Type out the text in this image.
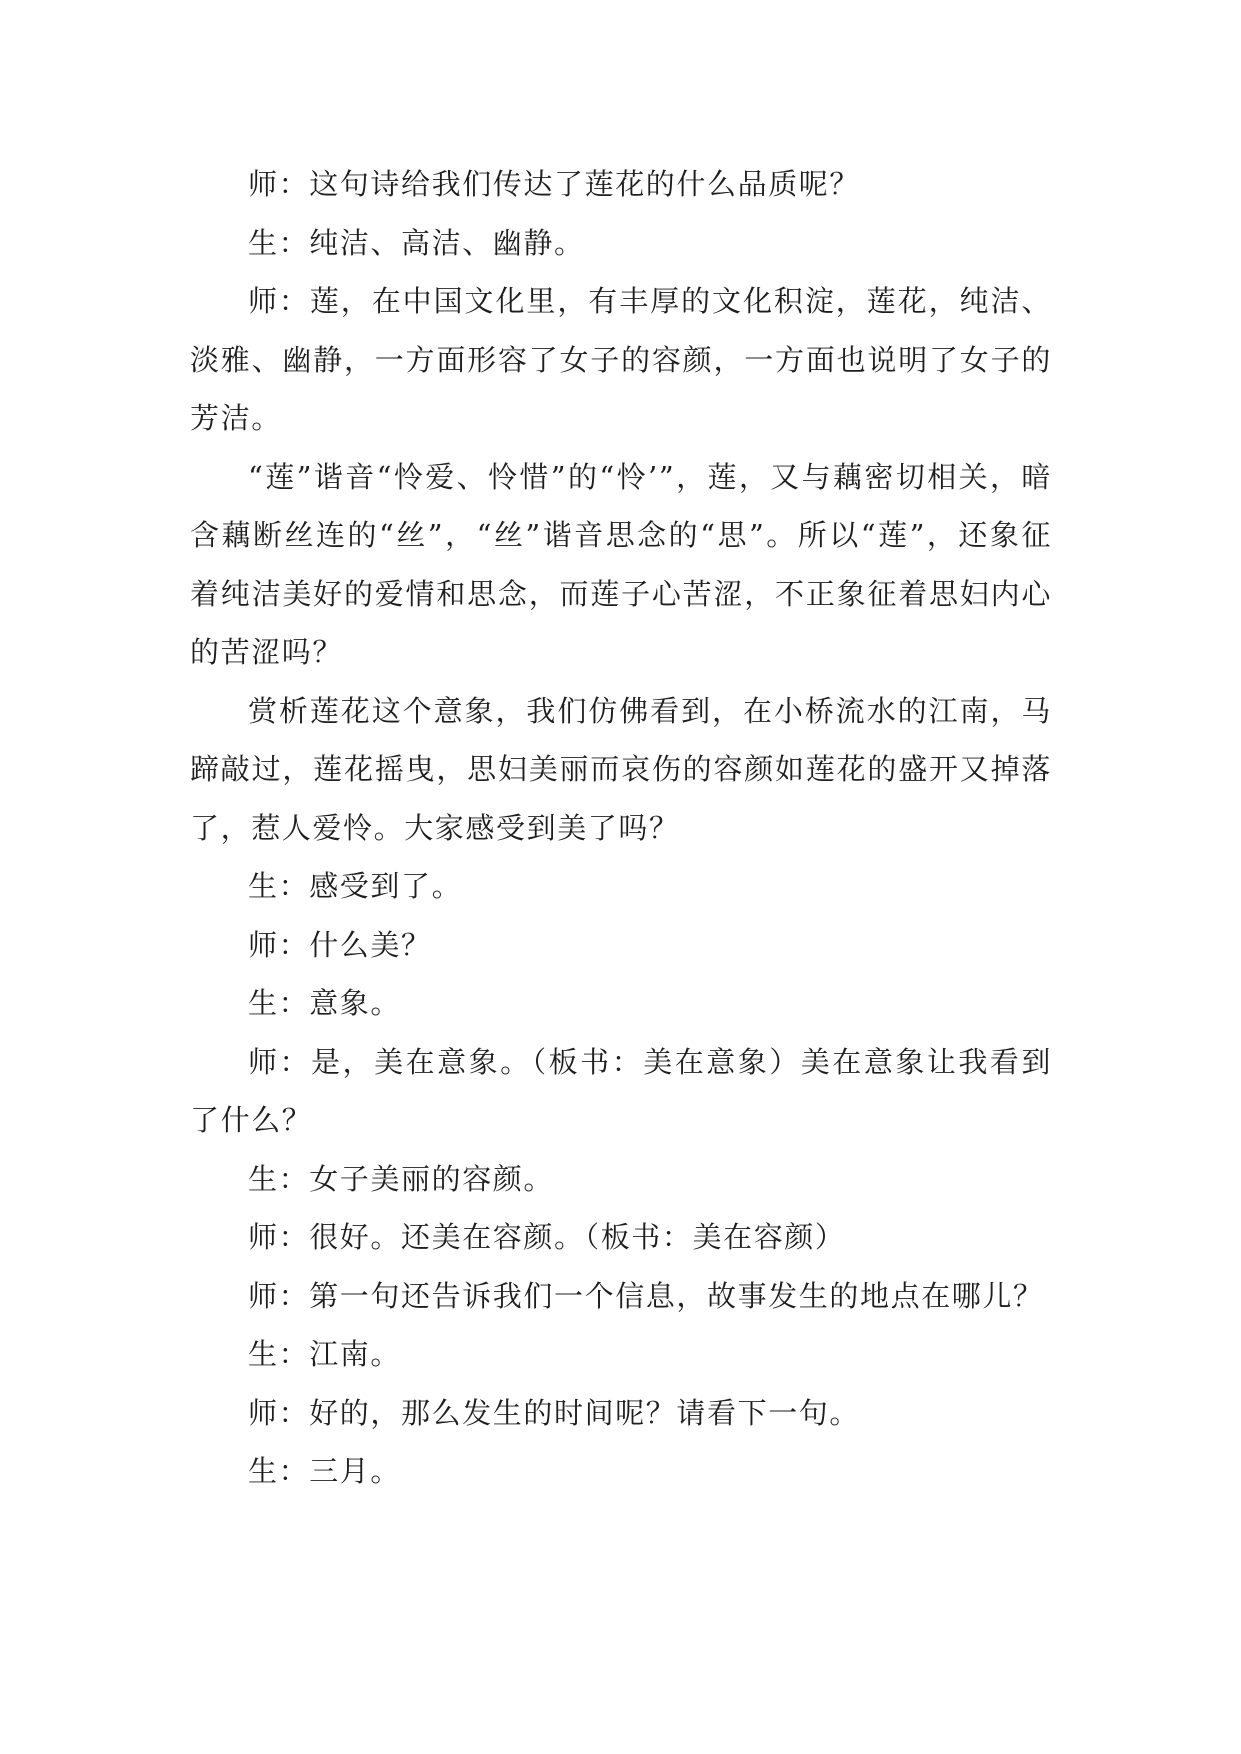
师：这句诗给我们传达了莲花的什么品质呢？

生：纯洁、高洁、幽静。

师：莲，在中国文化里，有丰厚的文化积淀，莲花，纯洁、淡雅、幽静，一方面形容了女子的容颜，一方面也说明了女子的芳洁。

“莲”谐音“怜爱、怜惜”的“怜’”，莲，又与藕密切相关，暗含藕断丝连的“丝”，“丝”谐音思念的“思”。所以“莲”，还象征着纯洁美好的爱情和思念，而莲子心苦涩，不正象征着思妇内心的苦涩吗？

赏析莲花这个意象，我们仿佛看到，在小桥流水的江南，马蹄敲过，莲花摇曳，思妇美丽而哀伤的容颜如莲花的盛开又掉落了，惹人爱怜。大家感受到美了吗？

生：感受到了。

师：什么美？

生：意象。

师：是，美在意象。（板书：美在意象）美在意象让我看到了什么？

生：女子美丽的容颜。

师：很好。还美在容颜。（板书：美在容颜）

师：第一句还告诉我们一个信息，故事发生的地点在哪儿？

生：江南。

师：好的，那么发生的时间呢？请看下一句。

生：三月。
